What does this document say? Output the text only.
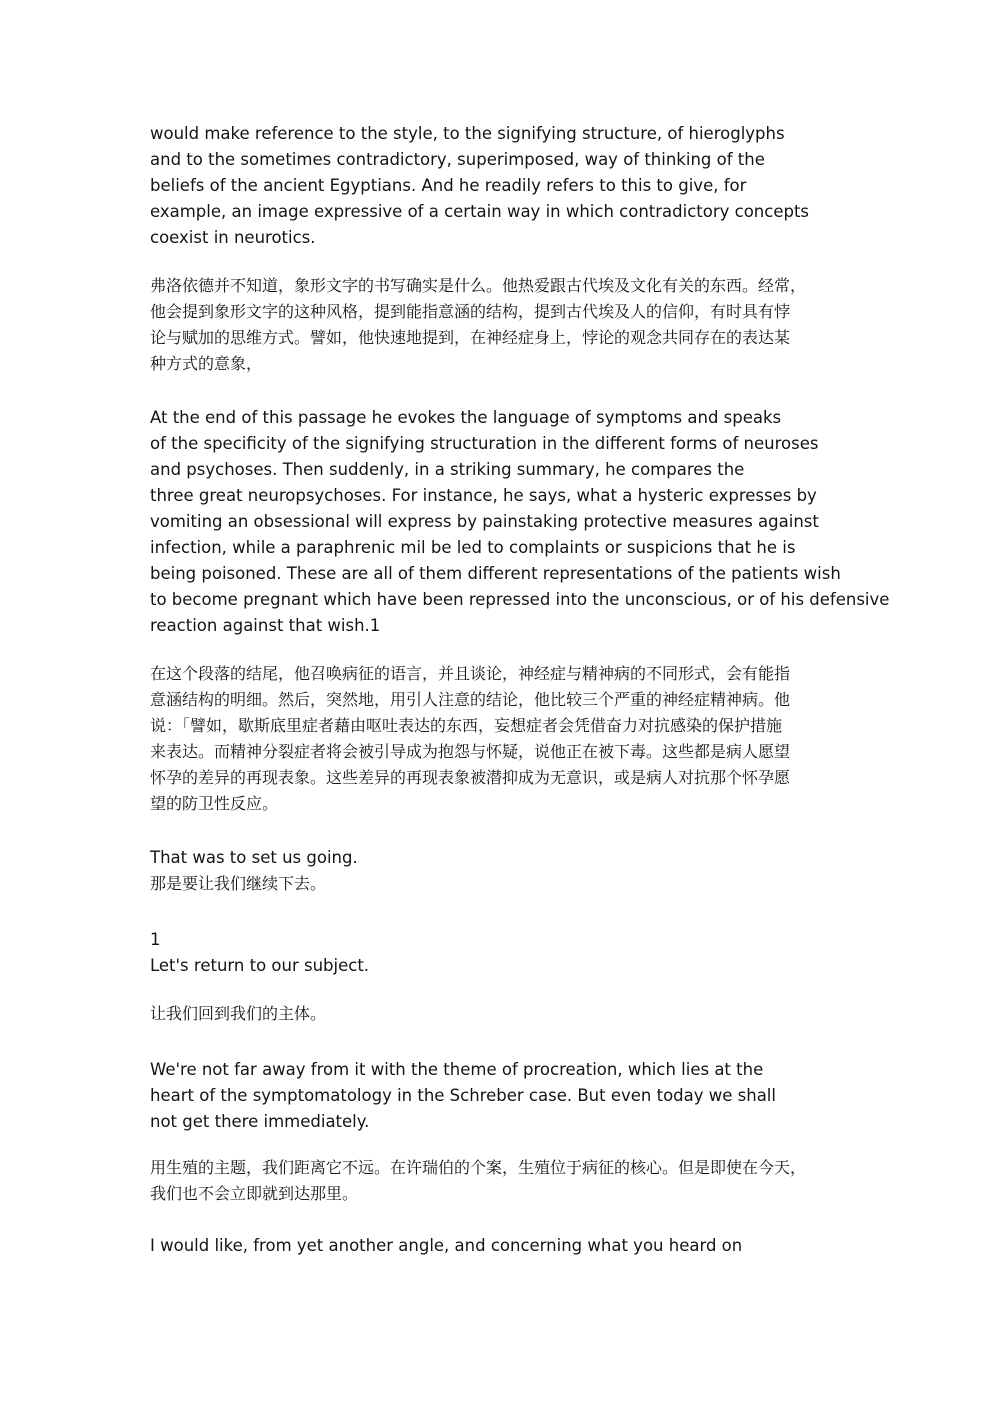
would make reference to the style, to the signifying structure, of hieroglyphs
and to the sometimes contradictory, superimposed, way of thinking of the
beliefs of the ancient Egyptians. And he readily refers to this to give, for
example, an image expressive of a certain way in which contradictory concepts
coexist in neurotics.
弗洛依德并不知道，象形文字的书写确实是什么。他热爱跟古代埃及文化有关的东西。经常，
他会提到象形文字的这种风格，提到能指意涵的结构，提到古代埃及人的信仰，有时具有悖
论与赋加的思维方式。譬如，他快速地提到，在神经症身上，悖论的观念共同存在的表达某
种方式的意象，
At the end of this passage he evokes the language of symptoms and speaks
of the specificity of the signifying structuration in the different forms of neuroses
and psychoses. Then suddenly, in a striking summary, he compares the
three great neuropsychoses. For instance, he says, what a hysteric expresses by
vomiting an obsessional will express by painstaking protective measures against
infection, while a paraphrenic mil be led to complaints or suspicions that he is
being poisoned. These are all of them different representations of the patients wish
to become pregnant which have been repressed into the unconscious, or of his defensive
reaction against that wish.1
在这个段落的结尾，他召唤病征的语言，并且谈论，神经症与精神病的不同形式，会有能指
意涵结构的明细。然后，突然地，用引人注意的结论，他比较三个严重的神经症精神病。他
说：「譬如，歇斯底里症者藉由呕吐表达的东西，妄想症者会凭借奋力对抗感染的保护措施
来表达。而精神分裂症者将会被引导成为抱怨与怀疑，说他正在被下毒。这些都是病人愿望
怀孕的差异的再现表象。这些差异的再现表象被潜抑成为无意识，或是病人对抗那个怀孕愿
望的防卫性反应。
That was to set us going.
那是要让我们继续下去。
1
Let's return to our subject.
让我们回到我们的主体。
We're not far away from it with the theme of procreation, which lies at the
heart of the symptomatology in the Schreber case. But even today we shall
not get there immediately.
用生殖的主题，我们距离它不远。在许瑞伯的个案，生殖位于病征的核心。但是即使在今天，
我们也不会立即就到达那里。
I would like, from yet another angle, and concerning what you heard on
